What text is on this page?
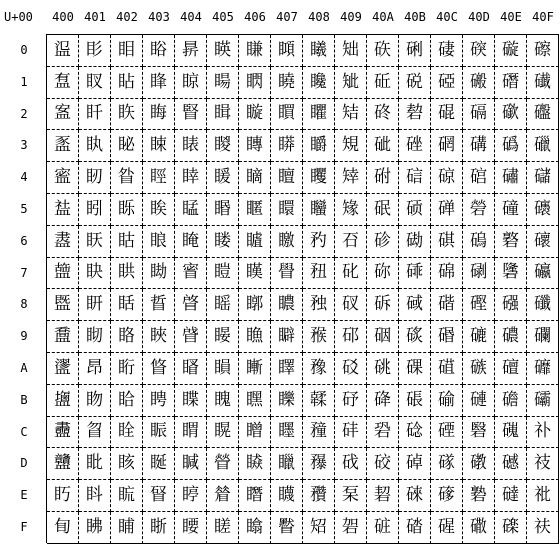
U+00	400 401 402 403 404 405 406 407 408 409 40A 40B 40C 40D 40E 40F
0
1
2
3
4
5
6
7
8
9
A
B
C
D
E
F
䀀 䀐 䀠 䀰 䁀 䁐 䁠 䁰 䂀 䂐 䂠 䂰 䃀 䃐 䃠 䃰
䀁 䀑 䀡 䀱 䁁 䁑 䁡 䁱 䂁 䂑 䂡 䂱 䃁 䃑 䃡 䃱
䀂 䀒 䀢 䀲 䁂 䁒 䁢 䁲 䂂 䂒 䂢 䂲 䃂 䃒 䃢 䃲
䀃 䀓 䀣 䀳 䁃 䁓 䁣 䁳 䂃 䂓 䂣 䂳 䃃 䃓 䃣 䃳
䀄 䀔 䀤 䀴 䁄 䁔 䁤 䁴 䂄 䂔 䂤 䂴 䃄 䃔 䃤 䃴
䀅 䀕 䀥 䀵 䁅 䁕 䁥 䁵 䂅 䂕 䂥 䂵 䃅 䃕 䃥 䃵
䀆 䀖 䀦 䀶 䁆 䁖 䁦 䁶 䂆 䂖 䂦 䂶 䃆 䃖 䃦 䃶
䀇 䀗 䀧 䀷 䁇 䁗 䁧 䁷 䂇 䂗 䂧 䂷 䃇 䃗 䃧 䃷
䀈 䀘 䀨 䀸 䁈 䁘 䁨 䁸 䂈 䂘 䂨 䂸 䃈 䃘 䃨 䃸
䀉 䀙 䀩 䀹 䁉 䁙 䁩 䁹 䂉 䂙 䂩 䂹 䃉 䃙 䃩 䃹
䀊 䀚 䀪 䀺 䁊 䁚 䁪 䁺 䂊 䂚 䂪 䂺 䃊 䃚 䃪 䃺
䀋 䀛 䀫 䀻 䁋 䁛 䁫 䁻 䂋 䂛 䂫 䂻 䃋 䃛 䃫 䃻
䀌 䀜 䀬 䀼 䁌 䁜 䁬 䁼 䂌 䂜 䂬 䂼 䃌 䃜 䃬 䃼
䀍 䀝 䀭 䀽 䁍 䁝 䁭 䁽 䂍 䂝 䂭 䂽 䃍 䃝 䃭 䃽
䀎 䀞 䀮 䀾 䁎 䁞 䁮 䁾 䂎 䂞 䂮 䂾 䃎 䃞 䃮 䃾
䀏 䀟 䀯 䀿 䁏 䁟 䁯 䁿 䂏 䂟 䂯 䂿 䃏 䃟 䃯 䃿
